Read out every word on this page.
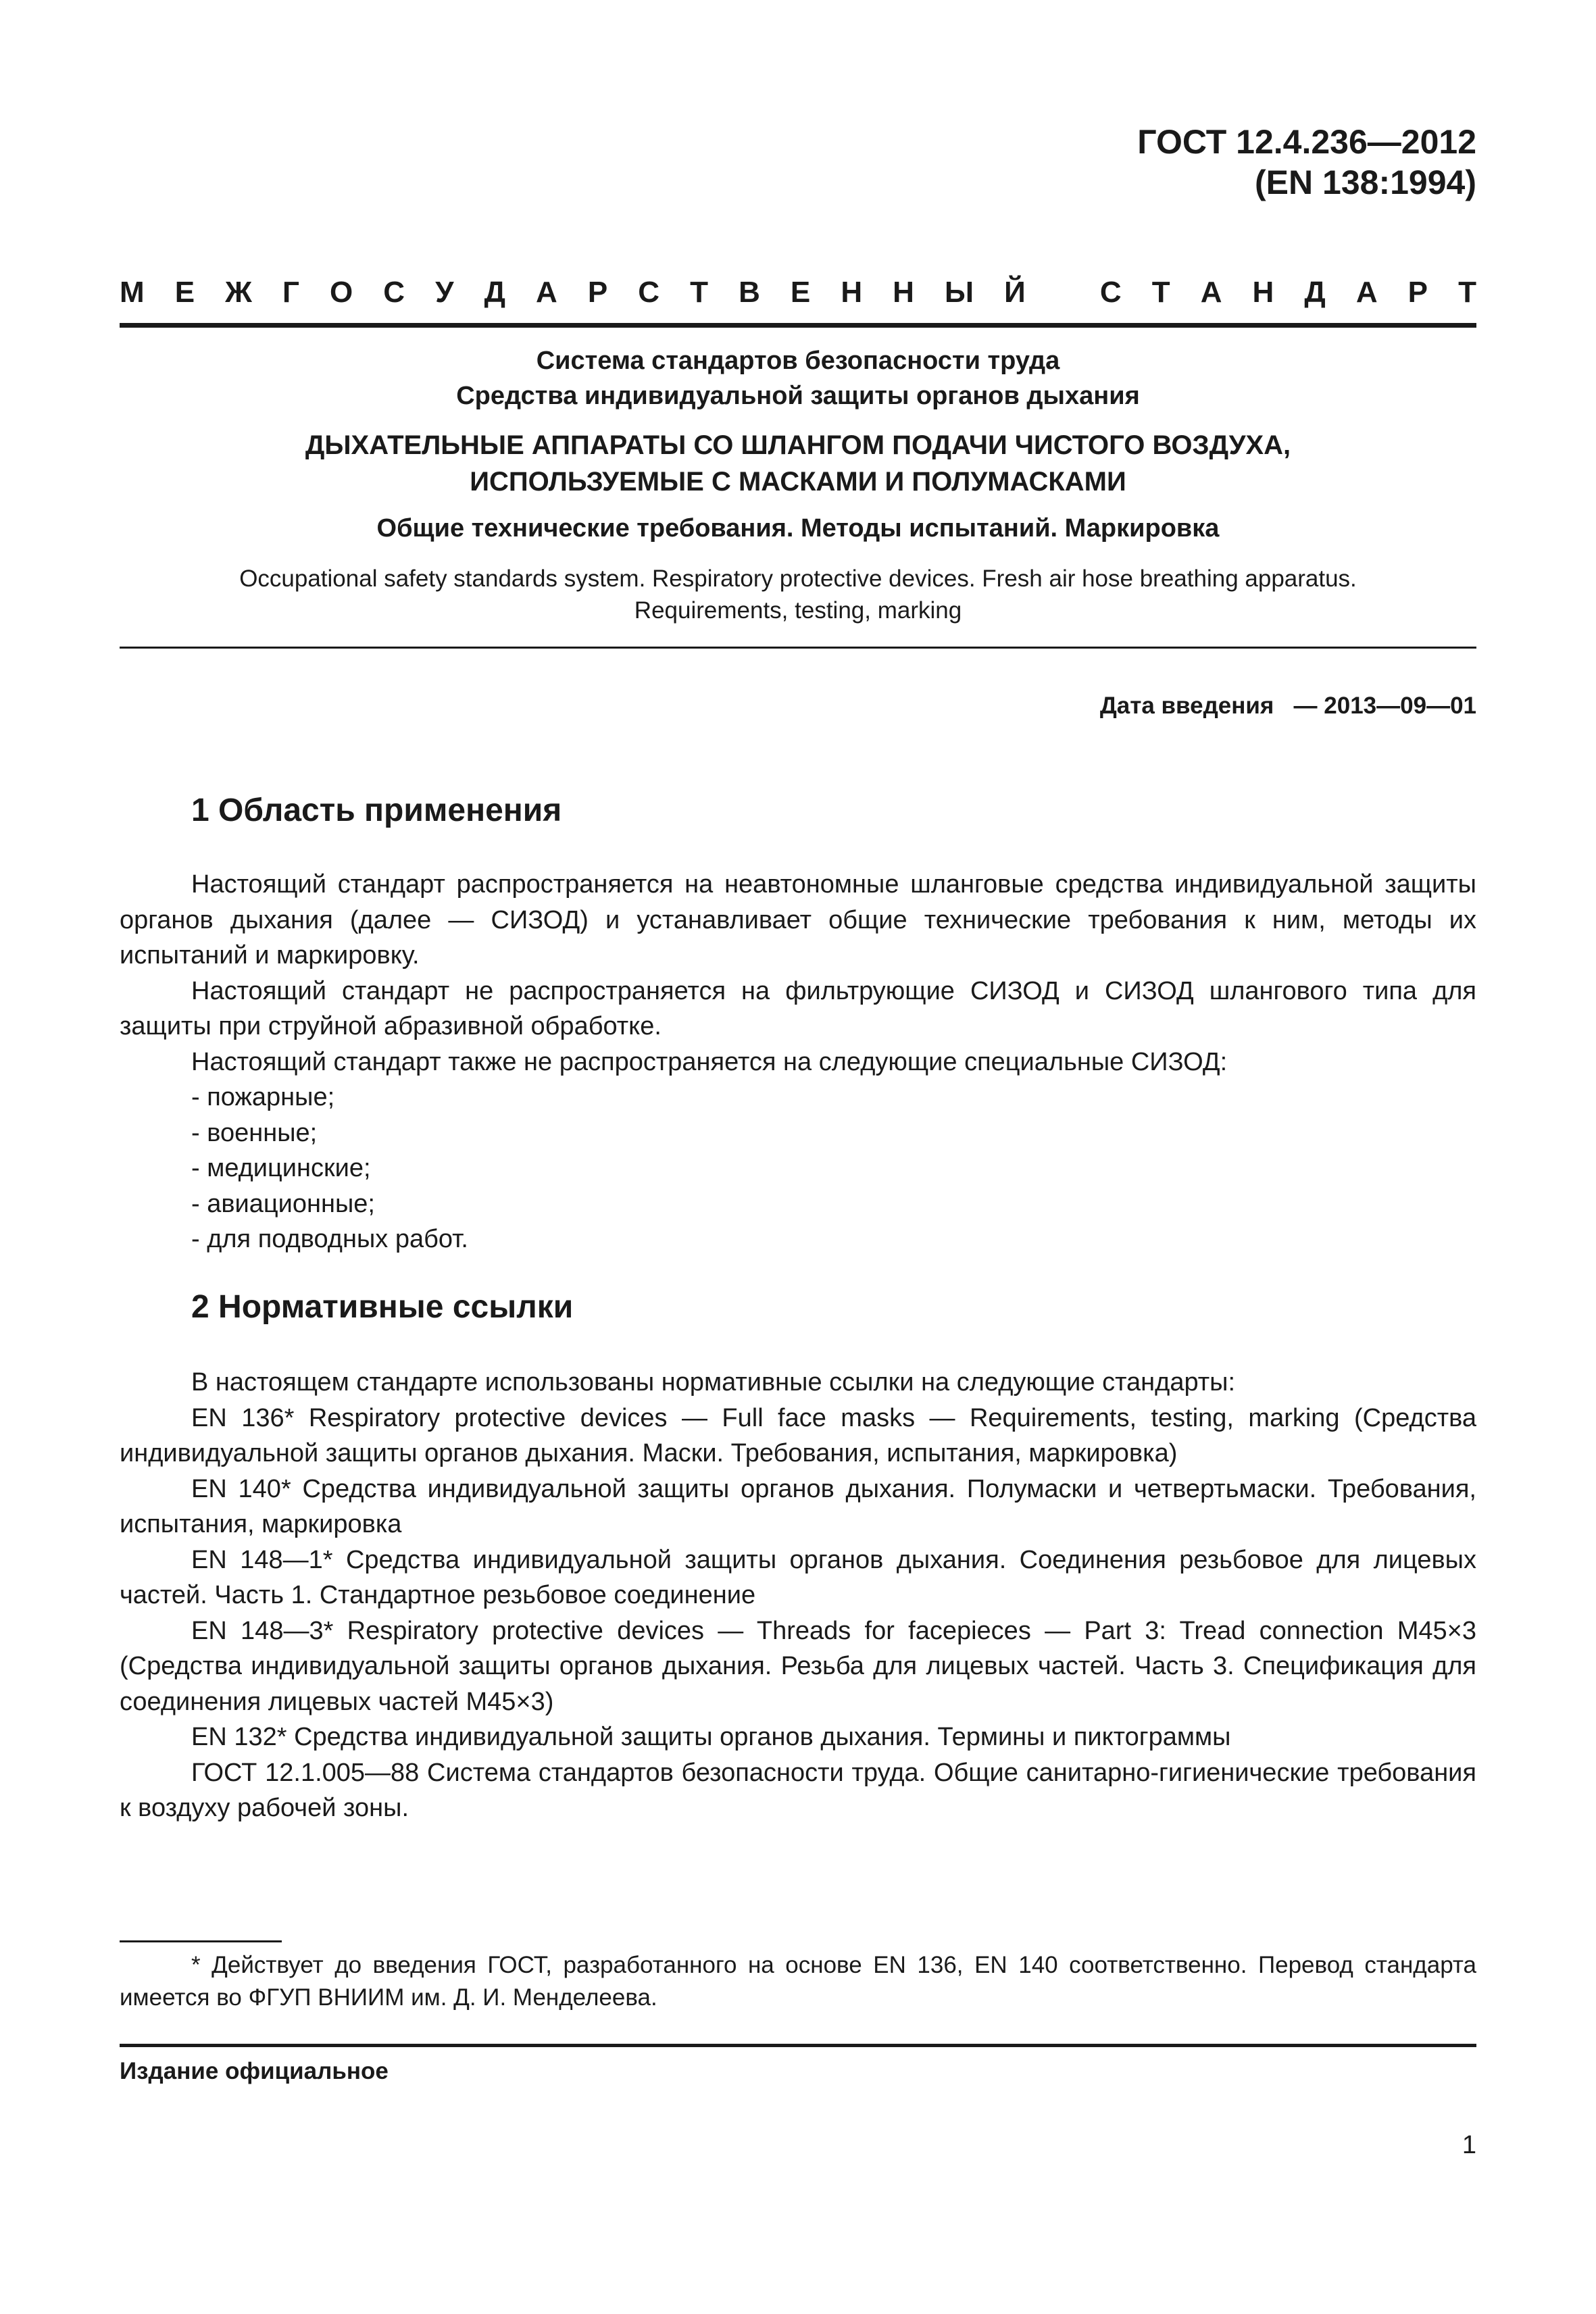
ГОСТ 12.4.236—2012
(EN 138:1994)
М Е Ж Г О С У Д А Р С Т В Е Н Н Ы Й	С Т А Н Д А Р Т
Система стандартов безопасности труда
Средства индивидуальной защиты органов дыхания
ДЫХАТЕЛЬНЫЕ АППАРАТЫ СО ШЛАНГОМ ПОДАЧИ ЧИСТОГО ВОЗДУХА,
ИСПОЛЬЗУЕМЫЕ С МАСКАМИ И ПОЛУМАСКАМИ
Общие технические требования. Методы испытаний. Маркировка
Occupational safety standards system. Respiratory protective devices. Fresh air hose breathing apparatus.
Requirements, testing, marking
Дата введения — 2013—09—01
1 Область применения

Настоящий стандарт распространяется на неавтономные шланговые средства индивидуальной защиты органов дыхания (далее — СИЗОД) и устанавливает общие технические требования к ним, методы их испытаний и маркировку.

Настоящий стандарт не распространяется на фильтрующие СИЗОД и СИЗОД шлангового типа для защиты при струйной абразивной обработке.

Настоящий стандарт также не распространяется на следующие специальные СИЗОД:

- пожарные;

- военные;

- медицинские;

- авиационные;

- для подводных работ.

2 Нормативные ссылки

В настоящем стандарте использованы нормативные ссылки на следующие стандарты:

EN 136* Respiratory protective devices — Full face masks — Requirements, testing, marking (Средства индивидуальной защиты органов дыхания. Маски. Требования, испытания, маркировка)

EN 140* Средства индивидуальной защиты органов дыхания. Полумаски и четвертьмаски. Требования, испытания, маркировка

EN 148—1* Средства индивидуальной защиты органов дыхания. Соединения резьбовое для лицевых частей. Часть 1. Стандартное резьбовое соединение

EN 148—3* Respiratory protective devices — Threads for facepieces — Part 3: Tread connection M45×3 (Средства индивидуальной защиты органов дыхания. Резьба для лицевых частей. Часть 3. Спецификация для соединения лицевых частей M45×3)

EN 132* Средства индивидуальной защиты органов дыхания. Термины и пиктограммы

ГОСТ 12.1.005—88 Система стандартов безопасности труда. Общие санитарно-гигиенические требования к воздуху рабочей зоны.

* Действует до введения ГОСТ, разработанного на основе EN 136, EN 140 соответственно. Перевод стандарта имеется во ФГУП ВНИИМ им. Д. И. Менделеева.
Издание официальное
1
